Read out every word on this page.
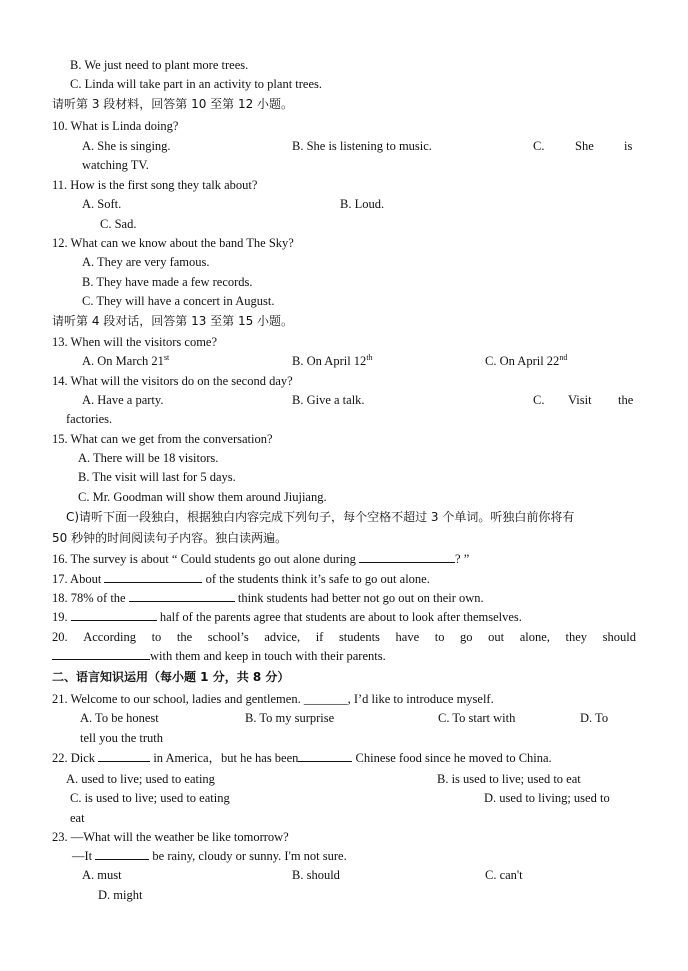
B. We just need to plant more trees.
C. Linda will take part in an activity to plant trees.
请听第 3 段材料，回答第 10 至第 12 小题。
10. What is Linda doing?
A. She is singing.	B. She is listening to music.	C. She is
watching TV.
11. How is the first song they talk about?
A. Soft.	B. Loud.
C. Sad.
12. What can we know about the band The Sky?
A. They are very famous.
B. They have made a few records.
C. They will have a concert in August.
请听第 4 段对话，回答第 13 至第 15 小题。
13. When will the visitors come?
A. On March 21st	B. On April 12th	C. On April 22nd
14. What will the visitors do on the second day?
A. Have a party.	B. Give a talk.	C. Visit the
factories.
15. What can we get from the conversation?
A. There will be 18 visitors.
B. The visit will last for 5 days.
C. Mr. Goodman will show them around Jiujiang.
C)请听下面一段独白，根据独白内容完成下列句子，每个空格不超过 3 个单词。听独白前你将有
50 秒钟的时间阅读句子内容。独白读两遍。
16. The survey is about “ Could students go out alone during	? ”
17. About	of the students think it’s safe to go out alone.
18. 78% of the	think students had better not go out on their own.
19.	half of the parents agree that students are about to look after themselves.
20. According to the school’s advice, if students have to go out alone, they should
with them and keep in touch with their parents.
二、语言知识运用（每小题 1 分，共 8 分）
21. Welcome to our school, ladies and gentlemen. _______, I’d like to introduce myself.
A. To be honest	B. To my surprise	C. To start with	D. To
tell you the truth
22. Dick	in America，but he has been	Chinese food since he moved to China.
A. used to live; used to eating	B. is used to live; used to eat
C. is used to live; used to eating	D. used to living; used to
eat
23. —What will the weather be like tomorrow?
—It	be rainy, cloudy or sunny. I'm not sure.
A. must	B. should	C. can't
D. might
